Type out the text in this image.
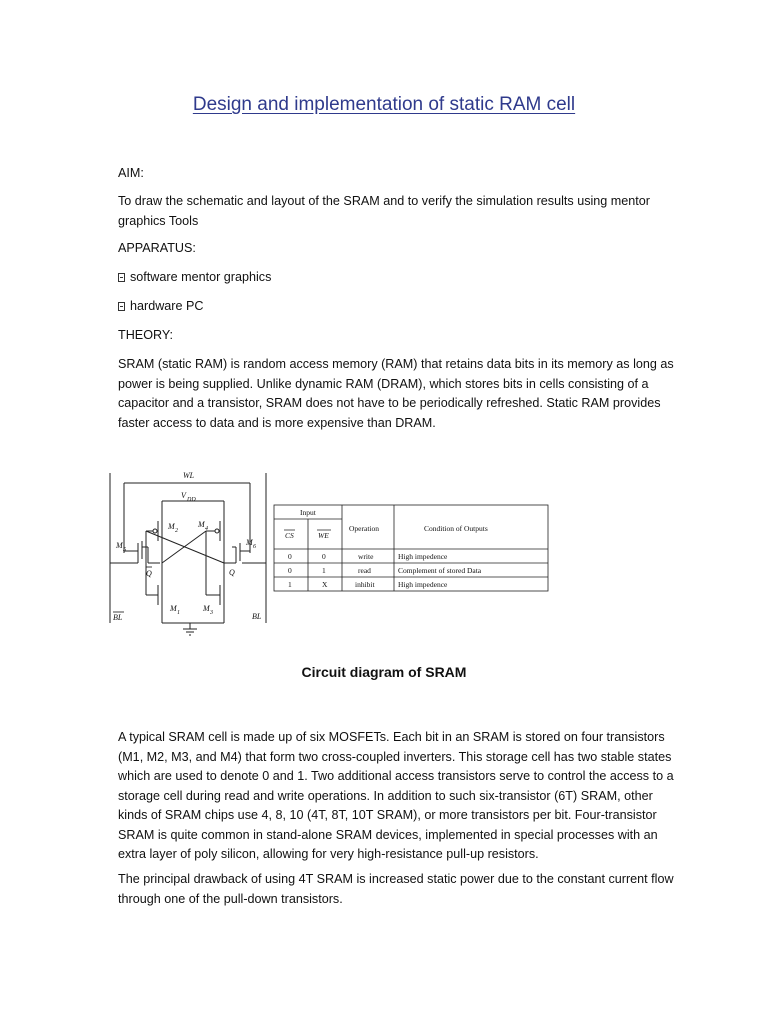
Design and implementation of static RAM cell
AIM:
To draw the schematic and layout of the SRAM and to verify the simulation results using mentor graphics Tools
APPARATUS:
software mentor graphics
hardware PC
THEORY:
SRAM (static RAM) is random access memory (RAM) that retains data bits in its memory as long as power is being supplied. Unlike dynamic RAM (DRAM), which stores bits in cells consisting of a capacitor and a transistor, SRAM does not have to be periodically refreshed. Static RAM provides faster access to data and is more expensive than DRAM.
WL
V DD
M 5
M 2
M 4
M 6
Q	Q
M 1	M 3
BL	BL
Input
CS	WE
Operation	Condition of Outputs
0	0	write	High impedence
0	1	read	Complement of stored Data
1	X	inhibit	High impedence
Circuit diagram of SRAM
A typical SRAM cell is made up of six MOSFETs. Each bit in an SRAM is stored on four transistors (M1, M2, M3, and M4) that form two cross-coupled inverters. This storage cell has two stable states which are used to denote 0 and 1. Two additional access transistors serve to control the access to a storage cell during read and write operations. In addition to such six-transistor (6T) SRAM, other kinds of SRAM chips use 4, 8, 10 (4T, 8T, 10T SRAM), or more transistors per bit. Four-transistor SRAM is quite common in stand-alone SRAM devices, implemented in special processes with an extra layer of poly silicon, allowing for very high-resistance pull-up resistors.
The principal drawback of using 4T SRAM is increased static power due to the constant current flow through one of the pull-down transistors.
